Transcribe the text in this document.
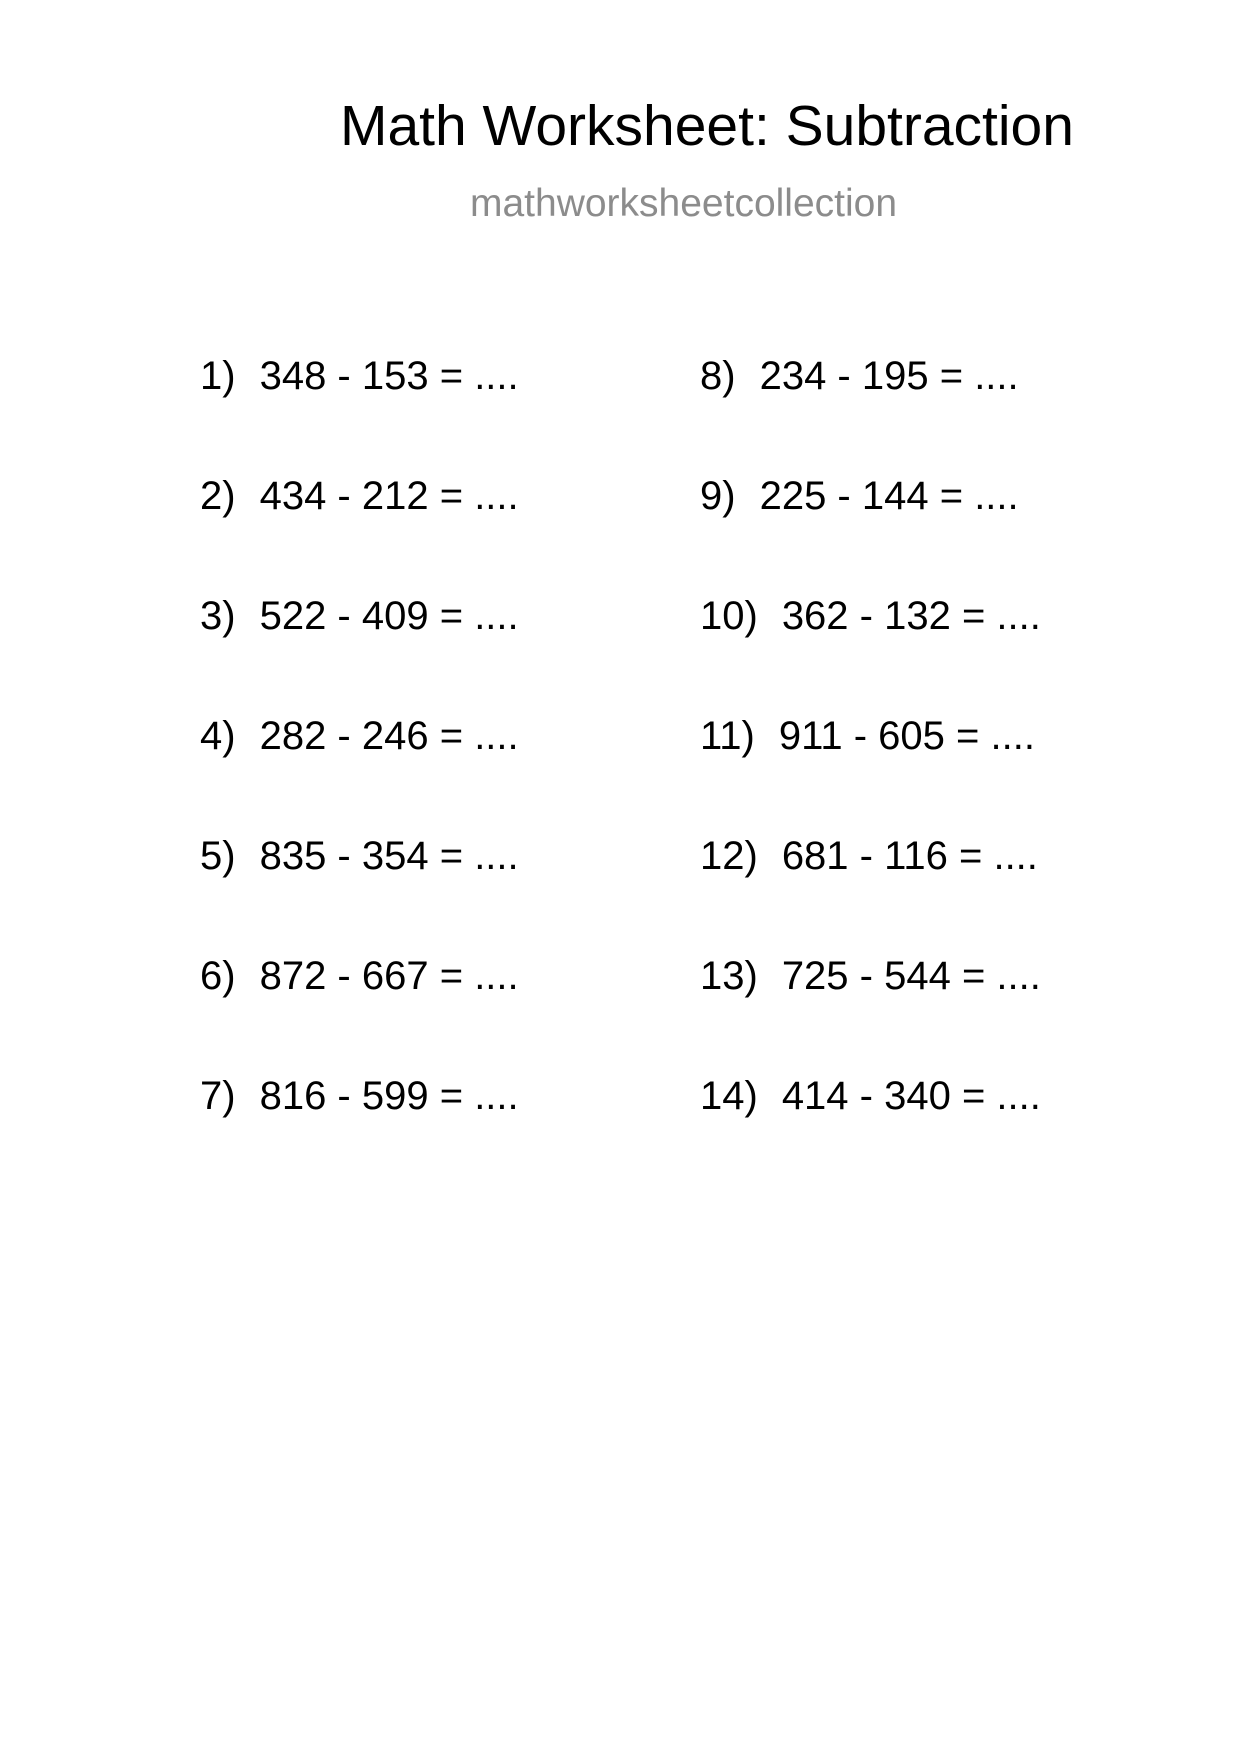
Math Worksheet: Subtraction
mathworksheetcollection
1) 348 - 153 = ....
2) 434 - 212 = ....
3) 522 - 409 = ....
4) 282 - 246 = ....
5) 835 - 354 = ....
6) 872 - 667 = ....
7) 816 - 599 = ....
8) 234 - 195 = ....
9) 225 - 144 = ....
10) 362 - 132 = ....
11) 911 - 605 = ....
12) 681 - 116 = ....
13) 725 - 544 = ....
14) 414 - 340 = ....
